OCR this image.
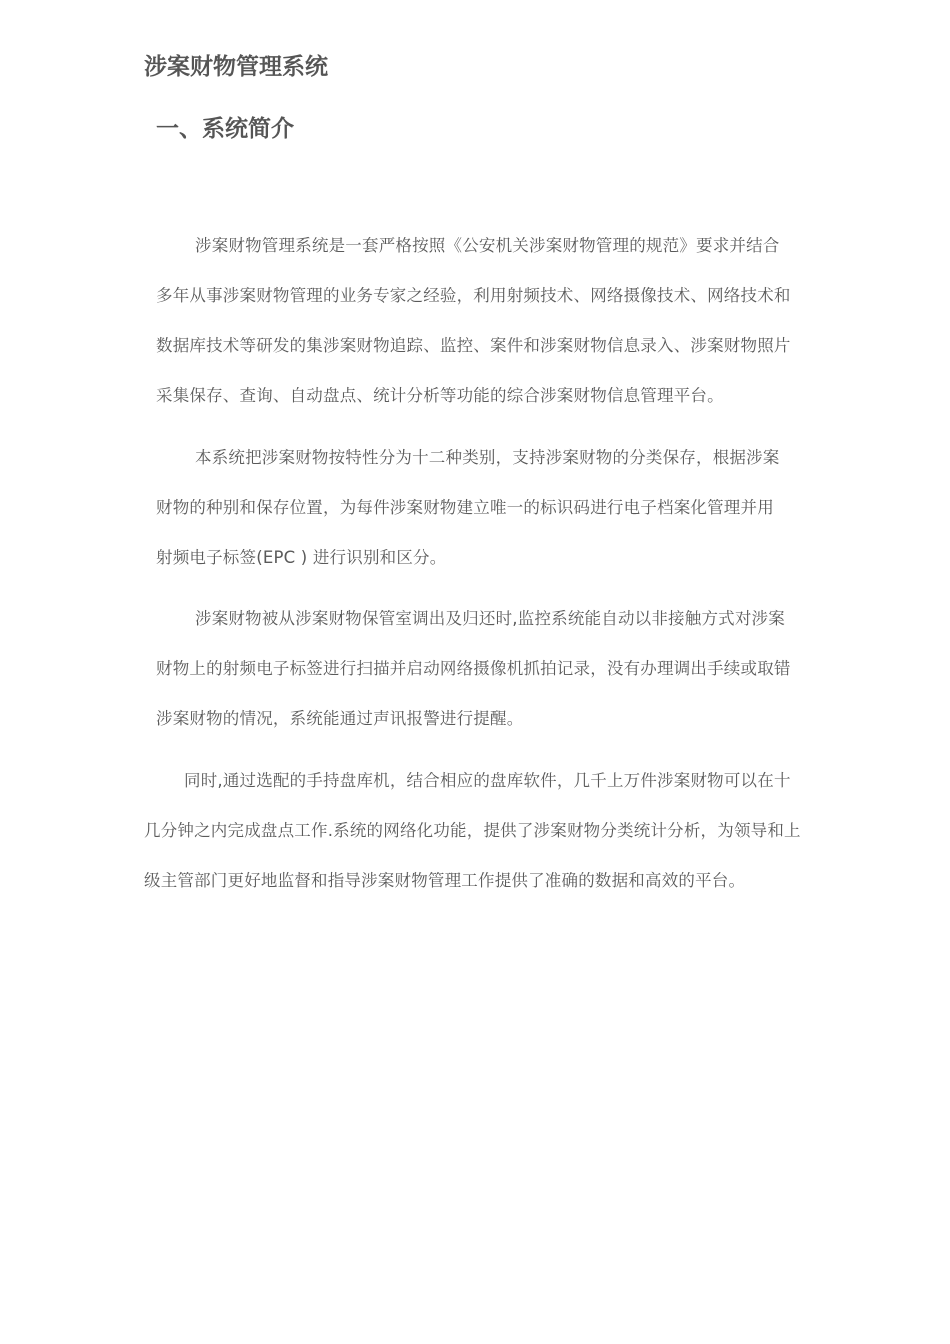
涉案财物管理系统
一、系统简介

涉案财物管理系统是一套严格按照《公安机关涉案财物管理的规范》要求并结合

多年从事涉案财物管理的业务专家之经验，利用射频技术、网络摄像技术、网络技术和

数据库技术等研发的集涉案财物追踪、监控、案件和涉案财物信息录入、涉案财物照片

采集保存、查询、自动盘点、统计分析等功能的综合涉案财物信息管理平台。

本系统把涉案财物按特性分为十二种类别，支持涉案财物的分类保存，根据涉案

财物的种别和保存位置，为每件涉案财物建立唯一的标识码进行电子档案化管理并用

射频电子标签(EPC ) 进行识别和区分。

涉案财物被从涉案财物保管室调出及归还时,监控系统能自动以非接触方式对涉案

财物上的射频电子标签进行扫描并启动网络摄像机抓拍记录，没有办理调出手续或取错

涉案财物的情况，系统能通过声讯报警进行提醒。

同时,通过选配的手持盘库机，结合相应的盘库软件，几千上万件涉案财物可以在十

几分钟之内完成盘点工作.系统的网络化功能，提供了涉案财物分类统计分析，为领导和上

级主管部门更好地监督和指导涉案财物管理工作提供了准确的数据和高效的平台。
